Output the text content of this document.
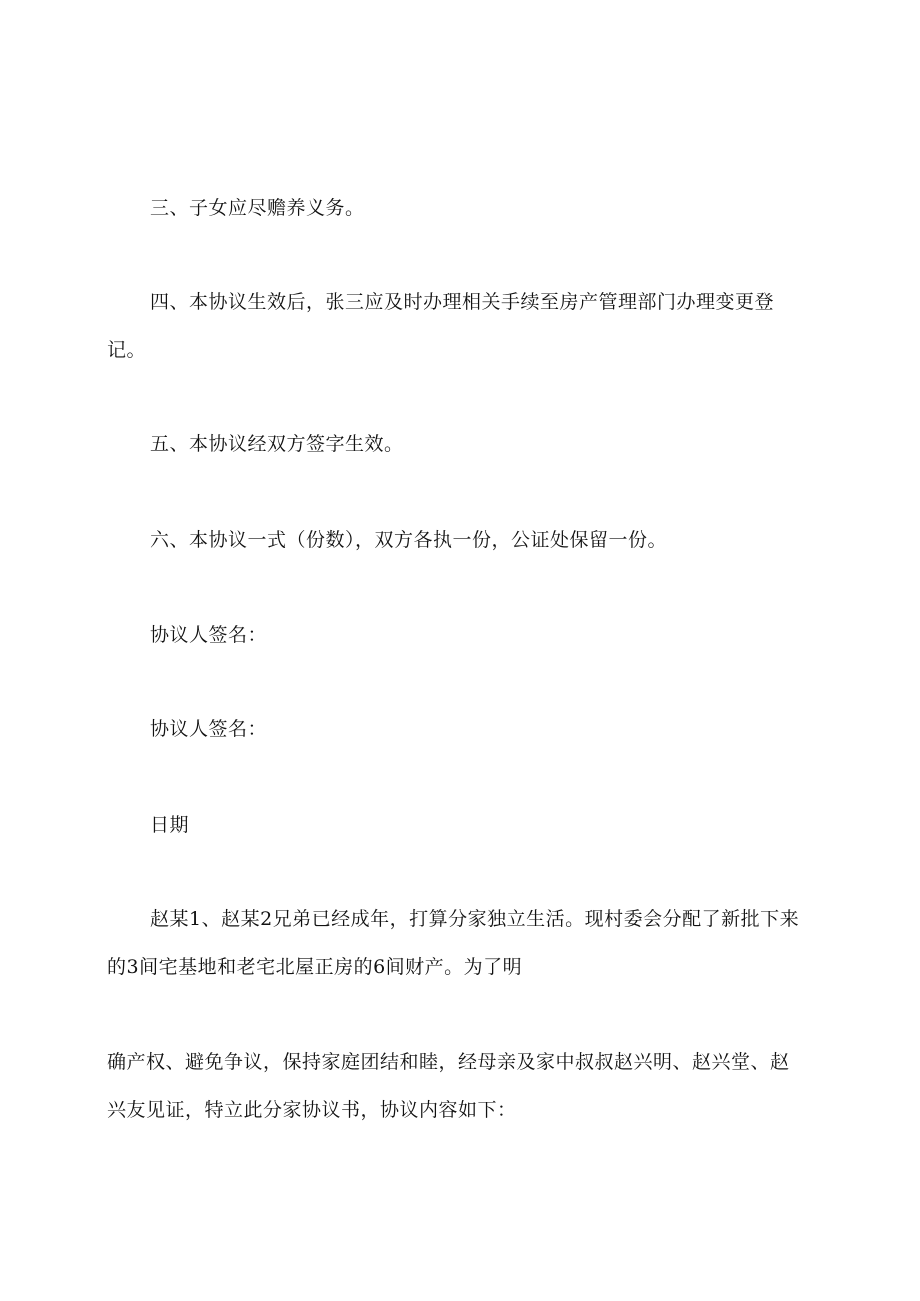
三、子女应尽赡养义务。
四、本协议生效后，张三应及时办理相关手续至房产管理部门办理变更登
记。
五、本协议经双方签字生效。
六、本协议一式（份数），双方各执一份，公证处保留一份。
协议人签名：
协议人签名：
日期
赵某1、赵某2兄弟已经成年，打算分家独立生活。现村委会分配了新批下来
的3间宅基地和老宅北屋正房的6间财产。为了明
确产权、避免争议，保持家庭团结和睦，经母亲及家中叔叔赵兴明、赵兴堂、赵
兴友见证，特立此分家协议书，协议内容如下：
